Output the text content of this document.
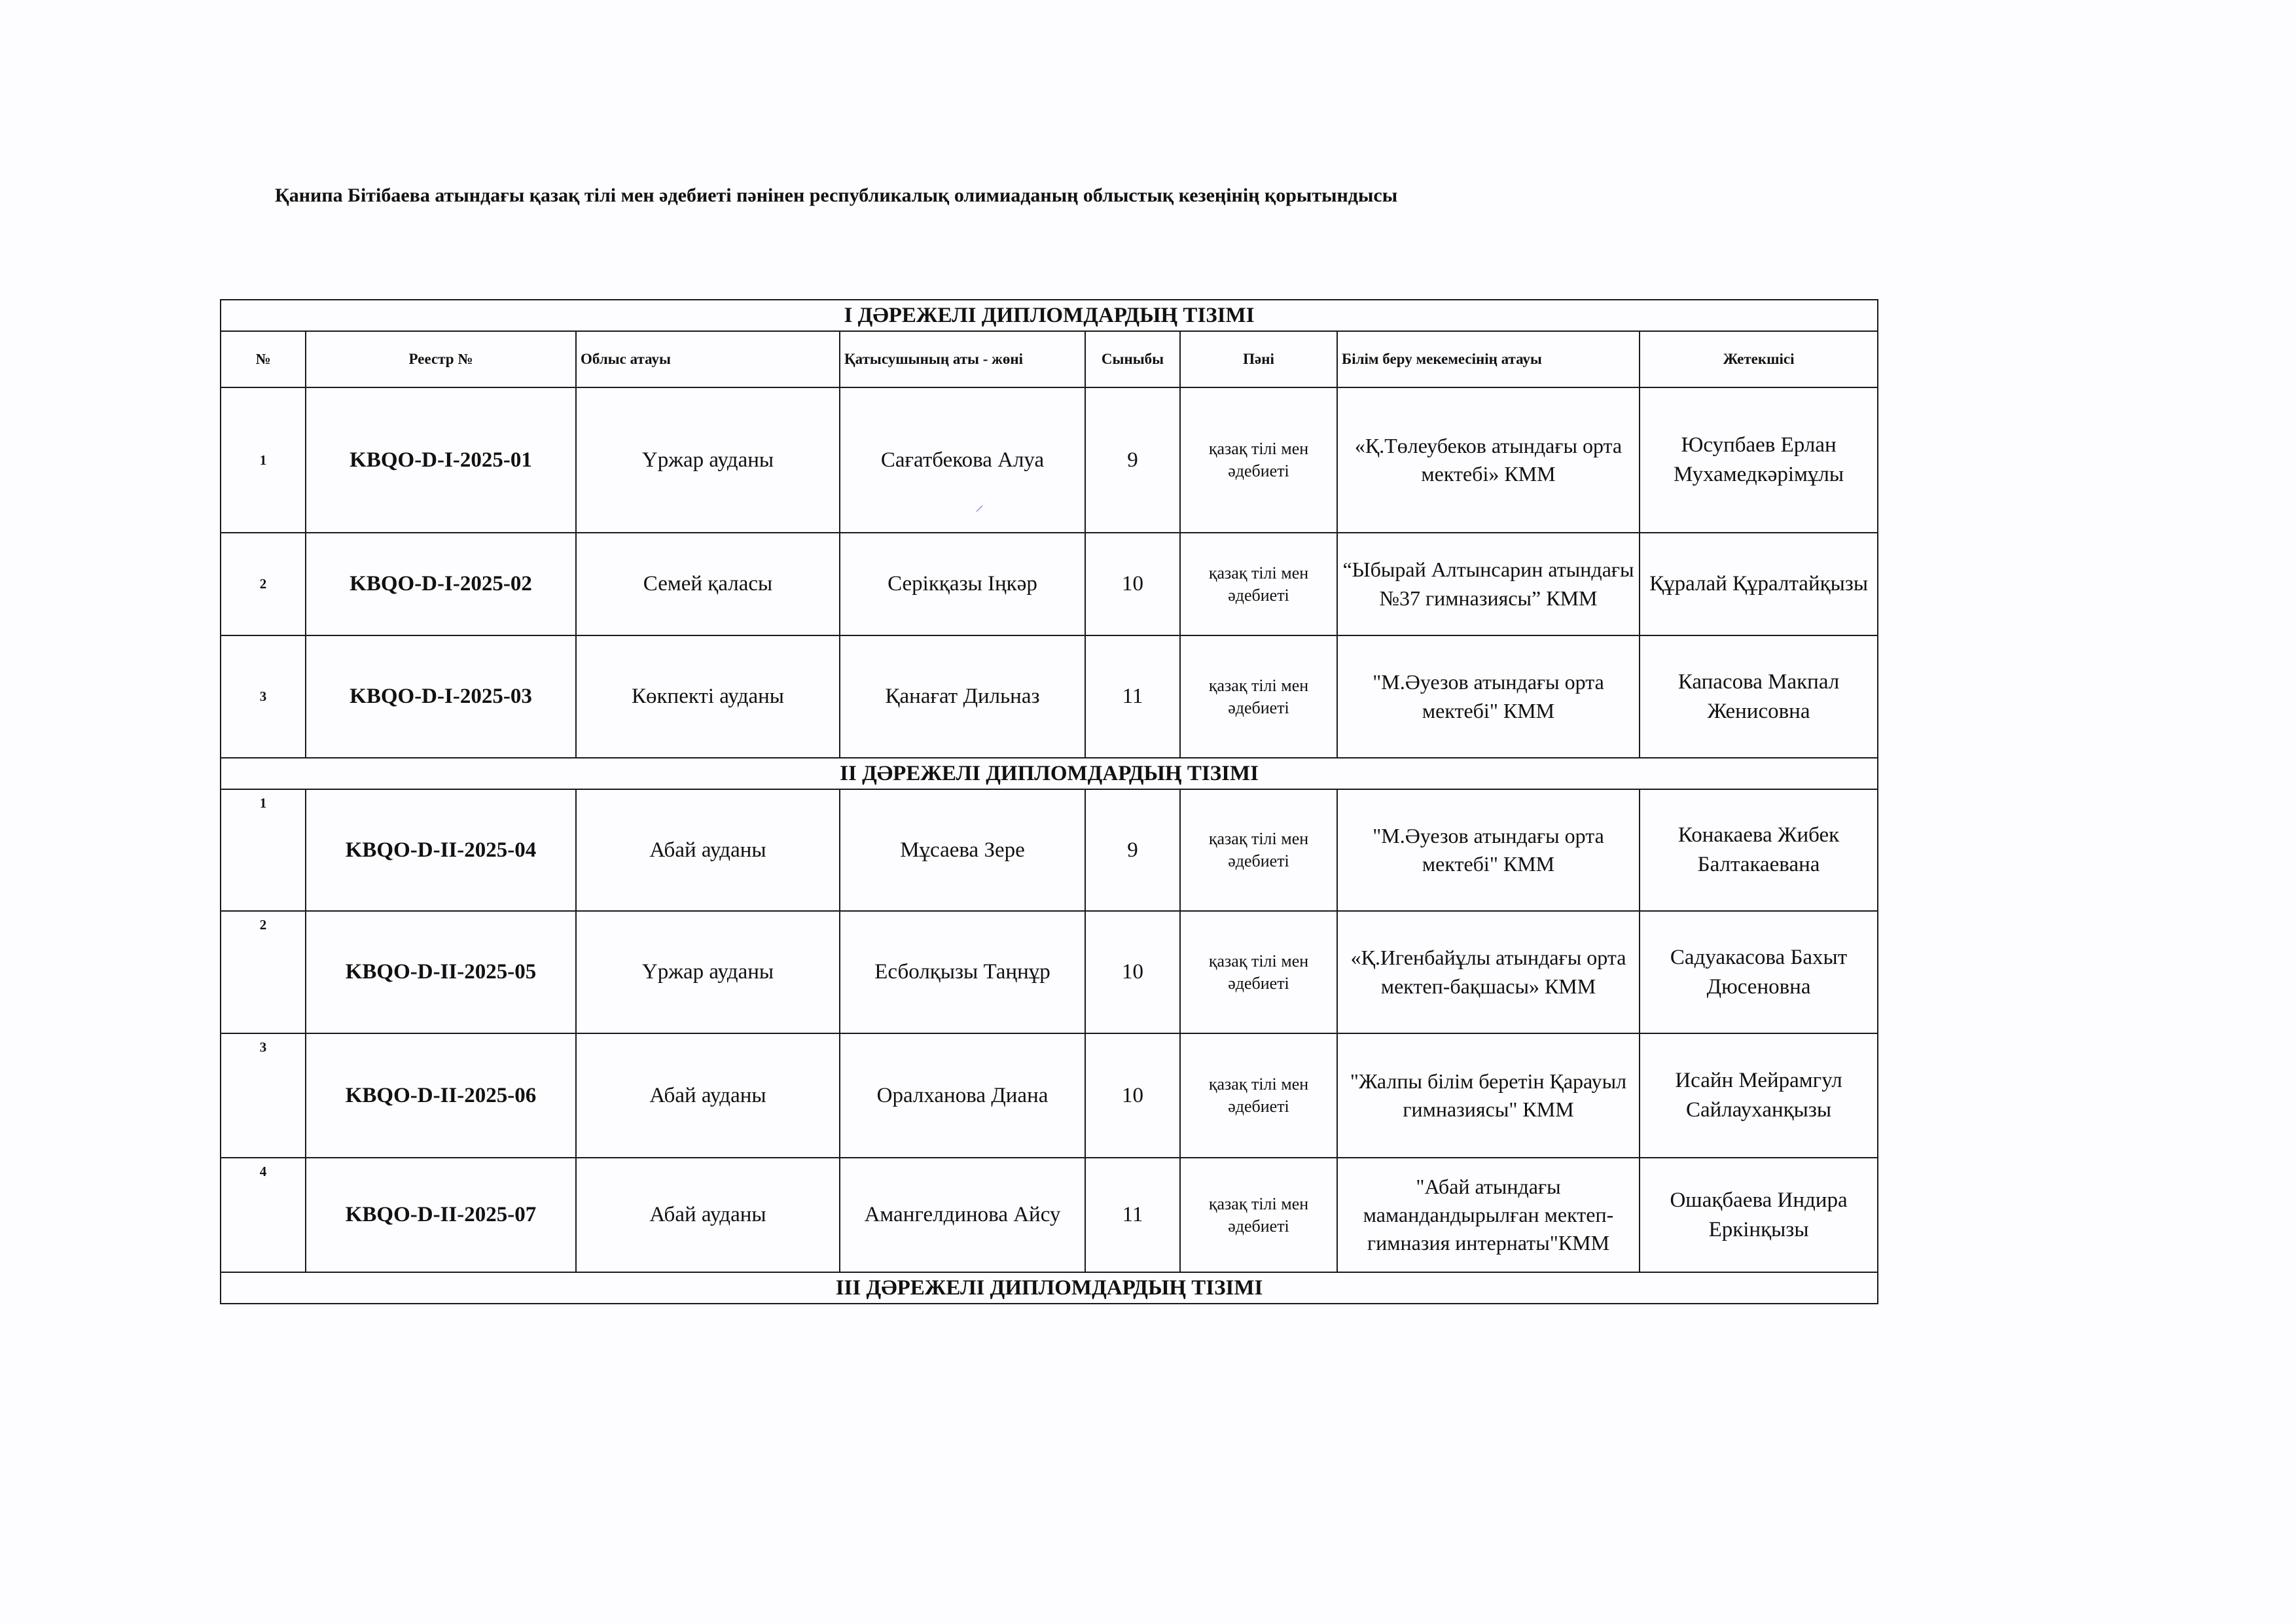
Қанипа Бітібаева атындағы қазақ тілі мен әдебиеті пәнінен республикалық олимиаданың облыстық кезеңінің қорытындысы
І ДӘРЕЖЕЛІ ДИПЛОМДАРДЫҢ ТІЗІМІ							
№	Реестр №	Облыс атауы	Қатысушының аты - жөні	Сыныбы	Пәні	Білім беру мекемесінің атауы	Жетекшісі
1	KBQO-D-I-2025-01	Үржар ауданы	Сағатбекова Алуа	9	қазақ тілі мен әдебиеті	«Қ.Төлеубеков атындағы орта мектебі» КММ	Юсупбаев Ерлан Мухамедкәрімұлы
2	KBQO-D-I-2025-02	Семей қаласы	Серікқазы Іңкәр	10	қазақ тілі мен әдебиеті	“Ыбырай Алтынсарин атындағы №37 гимназиясы” КММ	Құралай Құралтайқызы
3	KBQO-D-I-2025-03	Көкпекті ауданы	Қанағат Дильназ	11	қазақ тілі мен әдебиеті	"М.Әуезов атындағы орта мектебі" КММ	Капасова Макпал Женисовна
ІІ ДӘРЕЖЕЛІ ДИПЛОМДАРДЫҢ ТІЗІМІ							
1	KBQO-D-II-2025-04	Абай ауданы	Мұсаева Зере	9	қазақ тілі мен әдебиеті	"М.Әуезов атындағы орта мектебі" КММ	Конакаева Жибек Балтакаевана
2	KBQO-D-II-2025-05	Үржар ауданы	Есболқызы Таңнұр	10	қазақ тілі мен әдебиеті	«Қ.Игенбайұлы атындағы орта мектеп-бақшасы» КММ	Садуакасова Бахыт Дюсеновна
3	KBQO-D-II-2025-06	Абай ауданы	Оралханова Диана	10	қазақ тілі мен әдебиеті	"Жалпы білім беретін Қарауыл гимназиясы" КММ	Исайн Мейрамгул Сайлауханқызы
4	KBQO-D-II-2025-07	Абай ауданы	Амангелдинова Айсу	11	қазақ тілі мен әдебиеті	"Абай атындағы мамандандырылған мектеп-гимназия интернаты"КММ	Ошақбаева Индира Еркінқызы
ІІІ ДӘРЕЖЕЛІ ДИПЛОМДАРДЫҢ ТІЗІМІ							
⸝
